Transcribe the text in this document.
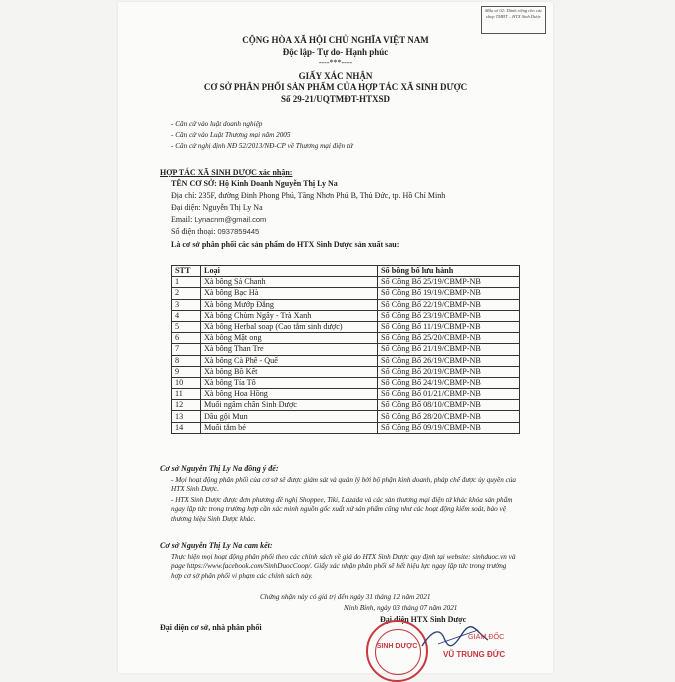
Mẫu số 02: Dành riêng cho các shop TMĐT – HTX Sinh Dược
CỘNG HÒA XÃ HỘI CHỦ NGHĨA VIỆT NAM
Độc lập- Tự do- Hạnh phúc
----***----
GIẤY XÁC NHẬN
CƠ SỞ PHÂN PHỐI SẢN PHẨM CỦA HỢP TÁC XÃ SINH DƯỢC
Số 29-21/UQTMĐT-HTXSD
- Căn cứ vào luật doanh nghiệp
- Căn cứ vào Luật Thương mại năm 2005
- Căn cứ nghị định NĐ 52/2013/NĐ-CP về Thương mại điện tử
HỢP TÁC XÃ SINH DƯỢC xác nhận:
TÊN CƠ SỞ: Hộ Kinh Doanh Nguyễn Thị Ly Na
Địa chỉ: 235F, đường Đinh Phong Phú, Tăng Nhơn Phú B, Thủ Đức, tp. Hồ Chí Minh
Đại diện: Nguyễn Thị Ly Na
Email: Lynacnm@gmail.com
Số điện thoại: 0937859445
Là cơ sở phân phối các sản phẩm do HTX Sinh Dược sản xuất sau:
STT	Loại	Số bông bố lưu hành
1	Xà bông Sả Chanh	Số Công Bố 25/19/CBMP-NB
2	Xà bông Bạc Hà	Số Công Bố 19/19/CBMP-NB
3	Xà bông Mướp Đắng	Số Công Bố 22/19/CBMP-NB
4	Xà bông Chùm Ngây - Trà Xanh	Số Công Bố 23/19/CBMP-NB
5	Xà bông Herbal soap (Cao tắm sinh dược)	Số Công Bố 11/19/CBMP-NB
6	Xà bông Mật ong	Số Công Bố 25/20/CBMP-NB
7	Xà bông Than Tre	Số Công Bố 21/19/CBMP-NB
8	Xà bông Cà Phê - Quế	Số Công Bố 26/19/CBMP-NB
9	Xà bông Bồ Kết	Số Công Bố 20/19/CBMP-NB
10	Xà bông Tía Tô	Số Công Bố 24/19/CBMP-NB
11	Xà bông Hoa Hồng	Số Công Bố 01/21/CBMP-NB
12	Muối ngâm chân Sinh Dược	Số Công Bố 08/10/CBMP-NB
13	Dầu gội Mun	Số Công Bố 28/20/CBMP-NB
14	Muối tắm bé	Số Công Bố 09/19/CBMP-NB
Cơ sở Nguyễn Thị Ly Na đồng ý để:
- Mọi hoạt động phân phối của cơ sở sẽ được giám sát và quản lý bởi bộ phận kinh doanh, pháp chế được ủy quyền của HTX Sinh Dược.
- HTX Sinh Dược được đơn phương đề nghị Shoppee, Tiki, Lazada và các sàn thương mại điện tử khác khóa sản phẩm ngay lập tức trong trường hợp cần xác minh nguồn gốc xuất xứ sản phẩm cũng như các hoạt động kiểm soát, bảo vệ thương hiệu Sinh Dược khác.
Cơ sở Nguyễn Thị Ly Na cam kết:
Thực hiện mọi hoạt động phân phối theo các chính sách về giá do HTX Sinh Dược quy định tại website: sinhduoc.vn và page https://www.facebook.com/SinhDuocCoop/. Giấy xác nhận phân phối sẽ hết hiệu lực ngay lập tức trong trường hợp cơ sở phân phối vi phạm các chính sách này.
Chứng nhận này có giá trị đến ngày 31 tháng 12 năm 2021
Ninh Bình, ngày 03 tháng 07 năm 2021
Đại diện cơ sở, nhà phân phối
Đại diện HTX Sinh Dược
SINH DƯỢC
GIÁM ĐỐC
VŨ TRUNG ĐỨC
